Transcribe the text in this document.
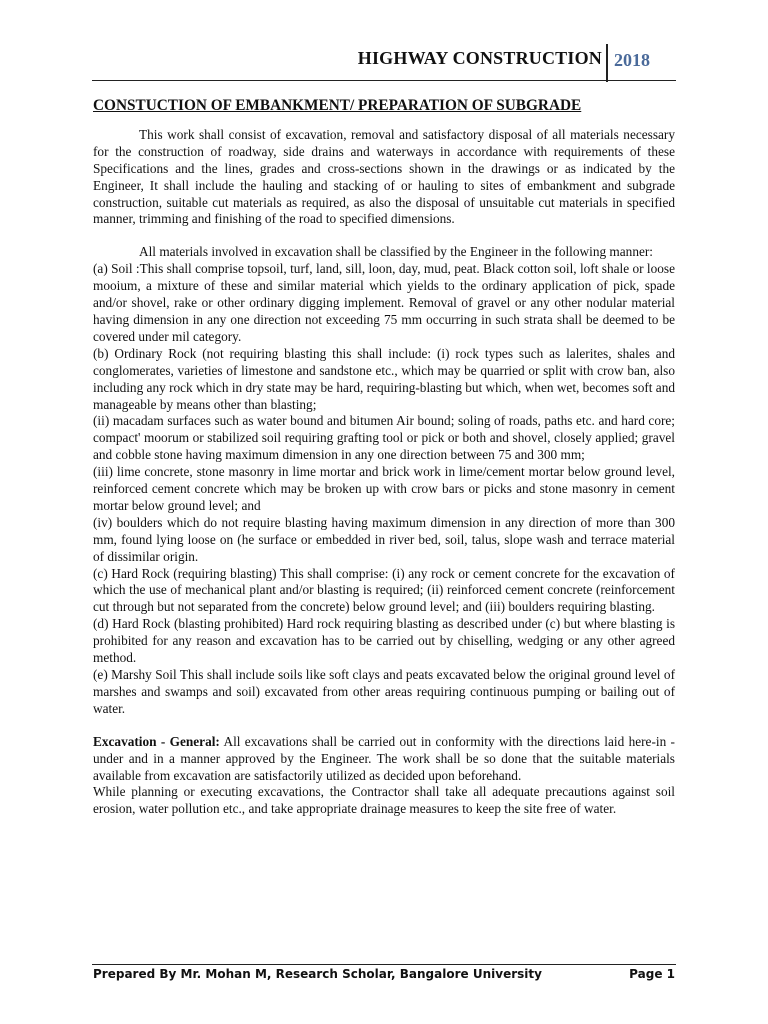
HIGHWAY CONSTRUCTION 2018
CONSTUCTION OF EMBANKMENT/ PREPARATION OF SUBGRADE

This work shall consist of excavation, removal and satisfactory disposal of all materials necessary for the construction of roadway, side drains and waterways in accordance with requirements of these Specifications and the lines, grades and cross-sections shown in the drawings or as indicated by the Engineer, It shall include the hauling and stacking of or hauling to sites of embankment and subgrade construction, suitable cut materials as required, as also the disposal of unsuitable cut materials in specified manner, trimming and finishing of the road to specified dimensions.

All materials involved in excavation shall be classified by the Engineer in the following manner:

(a) Soil :This shall comprise topsoil, turf, land, sill, loon, day, mud, peat. Black cotton soil, loft shale or loose mooium, a mixture of these and similar material which yields to the ordinary application of pick, spade and/or shovel, rake or other ordinary digging implement. Removal of gravel or any other nodular material having dimension in any one direction not exceeding 75 mm occurring in such strata shall be deemed to be covered under mil category.

(b) Ordinary Rock (not requiring blasting this shall include: (i) rock types such as lalerites, shales and conglomerates, varieties of limestone and sandstone etc., which may be quarried or split with crow ban, also including any rock which in dry state may be hard, requiring-blasting but which, when wet, becomes soft and manageable by means other than blasting;

(ii) macadam surfaces such as water bound and bitumen Air bound; soling of roads, paths etc. and hard core; compact' moorum or stabilized soil requiring grafting tool or pick or both and shovel, closely applied; gravel and cobble stone having maximum dimension in any one direction between 75 and 300 mm;

(iii) lime concrete, stone masonry in lime mortar and brick work in lime/cement mortar below ground level, reinforced cement concrete which may be broken up with crow bars or picks and stone masonry in cement mortar below ground level; and

(iv) boulders which do not require blasting having maximum dimension in any direction of more than 300 mm, found lying loose on (he surface or embedded in river bed, soil, talus, slope wash and terrace material of dissimilar origin.

(c) Hard Rock (requiring blasting) This shall comprise: (i) any rock or cement concrete for the excavation of which the use of mechanical plant and/or blasting is required; (ii) reinforced cement concrete (reinforcement cut through but not separated from the concrete) below ground level; and (iii) boulders requiring blasting.

(d) Hard Rock (blasting prohibited) Hard rock requiring blasting as described under (c) but where blasting is prohibited for any reason and excavation has to be carried out by chiselling, wedging or any other agreed method.

(e) Marshy Soil This shall include soils like soft clays and peats excavated below the original ground level of marshes and swamps and soil) excavated from other areas requiring continuous pumping or bailing out of water.

Excavation - General: All excavations shall be carried out in conformity with the directions laid here-in -under and in a manner approved by the Engineer. The work shall be so done that the suitable materials available from excavation are satisfactorily utilized as decided upon beforehand.

While planning or executing excavations, the Contractor shall take all adequate precautions against soil erosion, water pollution etc., and take appropriate drainage measures to keep the site free of water.

Prepared By Mr. Mohan M, Research Scholar, Bangalore University	Page 1
